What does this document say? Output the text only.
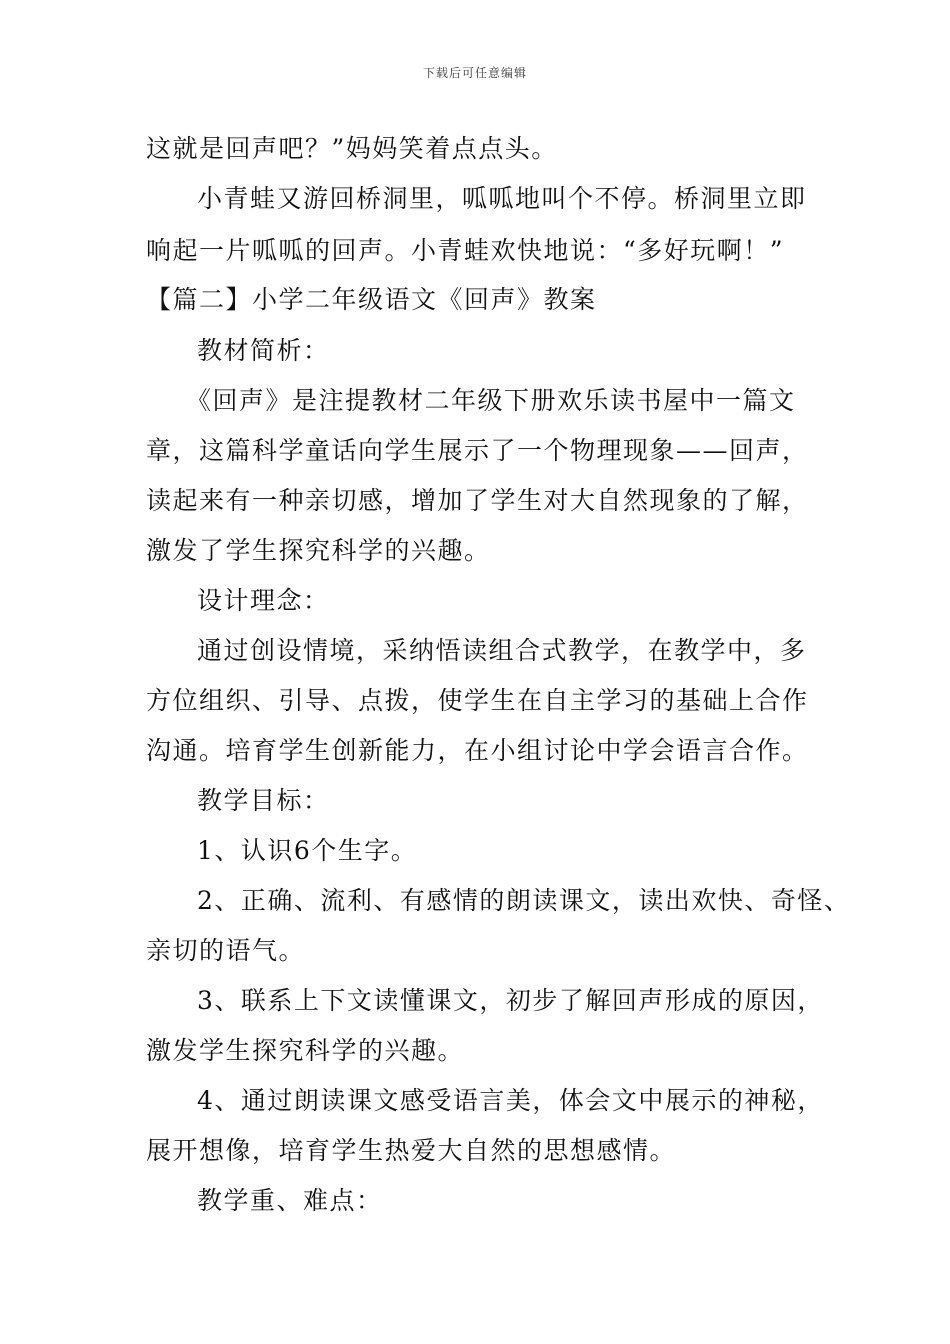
下载后可任意编辑
这就是回声吧？”妈妈笑着点点头。
小青蛙又游回桥洞里，呱呱地叫个不停。桥洞里立即
响起一片呱呱的回声。小青蛙欢快地说：“多好玩啊！”
【篇二】小学二年级语文《回声》教案
教材简析：
《回声》是注提教材二年级下册欢乐读书屋中一篇文
章，这篇科学童话向学生展示了一个物理现象——回声，
读起来有一种亲切感，增加了学生对大自然现象的了解，
激发了学生探究科学的兴趣。
设计理念：
通过创设情境，采纳悟读组合式教学，在教学中，多
方位组织、引导、点拨，使学生在自主学习的基础上合作
沟通。培育学生创新能力，在小组讨论中学会语言合作。
教学目标：
1、认识6个生字。
2、正确、流利、有感情的朗读课文，读出欢快、奇怪、
亲切的语气。
3、联系上下文读懂课文，初步了解回声形成的原因，
激发学生探究科学的兴趣。
4、通过朗读课文感受语言美，体会文中展示的神秘，
展开想像，培育学生热爱大自然的思想感情。
教学重、难点：
